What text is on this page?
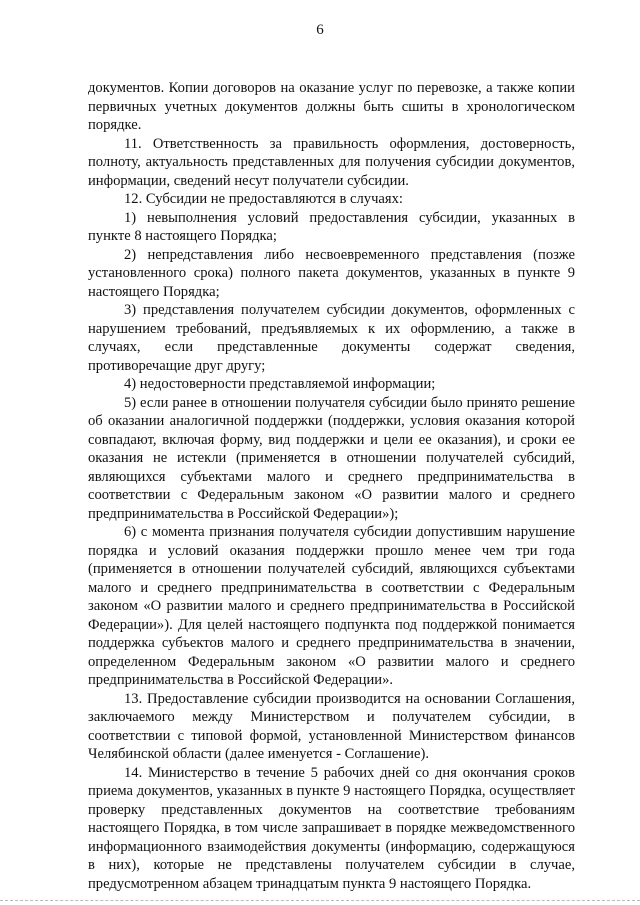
6

документов. Копии договоров на оказание услуг по перевозке, а также копии первичных учетных документов должны быть сшиты в хронологическом порядке.

11. Ответственность за правильность оформления, достоверность, полноту, актуальность представленных для получения субсидии документов, информации, сведений несут получатели субсидии.

12. Субсидии не предоставляются в случаях:

1) невыполнения условий предоставления субсидии, указанных в пункте 8 настоящего Порядка;

2) непредставления либо несвоевременного представления (позже установленного срока) полного пакета документов, указанных в пункте 9 настоящего Порядка;

3) представления получателем субсидии документов, оформленных с нарушением требований, предъявляемых к их оформлению, а также в случаях, если представленные документы содержат сведения, противоречащие друг другу;

4) недостоверности представляемой информации;

5) если ранее в отношении получателя субсидии было принято решение об оказании аналогичной поддержки (поддержки, условия оказания которой совпадают, включая форму, вид поддержки и цели ее оказания), и сроки ее оказания не истекли (применяется в отношении получателей субсидий, являющихся субъектами малого и среднего предпринимательства в соответствии с Федеральным законом «О развитии малого и среднего предпринимательства в Российской Федерации»);

6) с момента признания получателя субсидии допустившим нарушение порядка и условий оказания поддержки прошло менее чем три года (применяется в отношении получателей субсидий, являющихся субъектами малого и среднего предпринимательства в соответствии с Федеральным законом «О развитии малого и среднего предпринимательства в Российской Федерации»). Для целей настоящего подпункта под поддержкой понимается поддержка субъектов малого и среднего предпринимательства в значении, определенном Федеральным законом «О развитии малого и среднего предпринимательства в Российской Федерации».

13. Предоставление субсидии производится на основании Соглашения, заключаемого между Министерством и получателем субсидии, в соответствии с типовой формой, установленной Министерством финансов Челябинской области (далее именуется - Соглашение).

14. Министерство в течение 5 рабочих дней со дня окончания сроков приема документов, указанных в пункте 9 настоящего Порядка, осуществляет проверку представленных документов на соответствие требованиям настоящего Порядка, в том числе запрашивает в порядке межведомственного информационного взаимодействия документы (информацию, содержащуюся в них), которые не представлены получателем субсидии в случае, предусмотренном абзацем тринадцатым пункта 9 настоящего Порядка.
